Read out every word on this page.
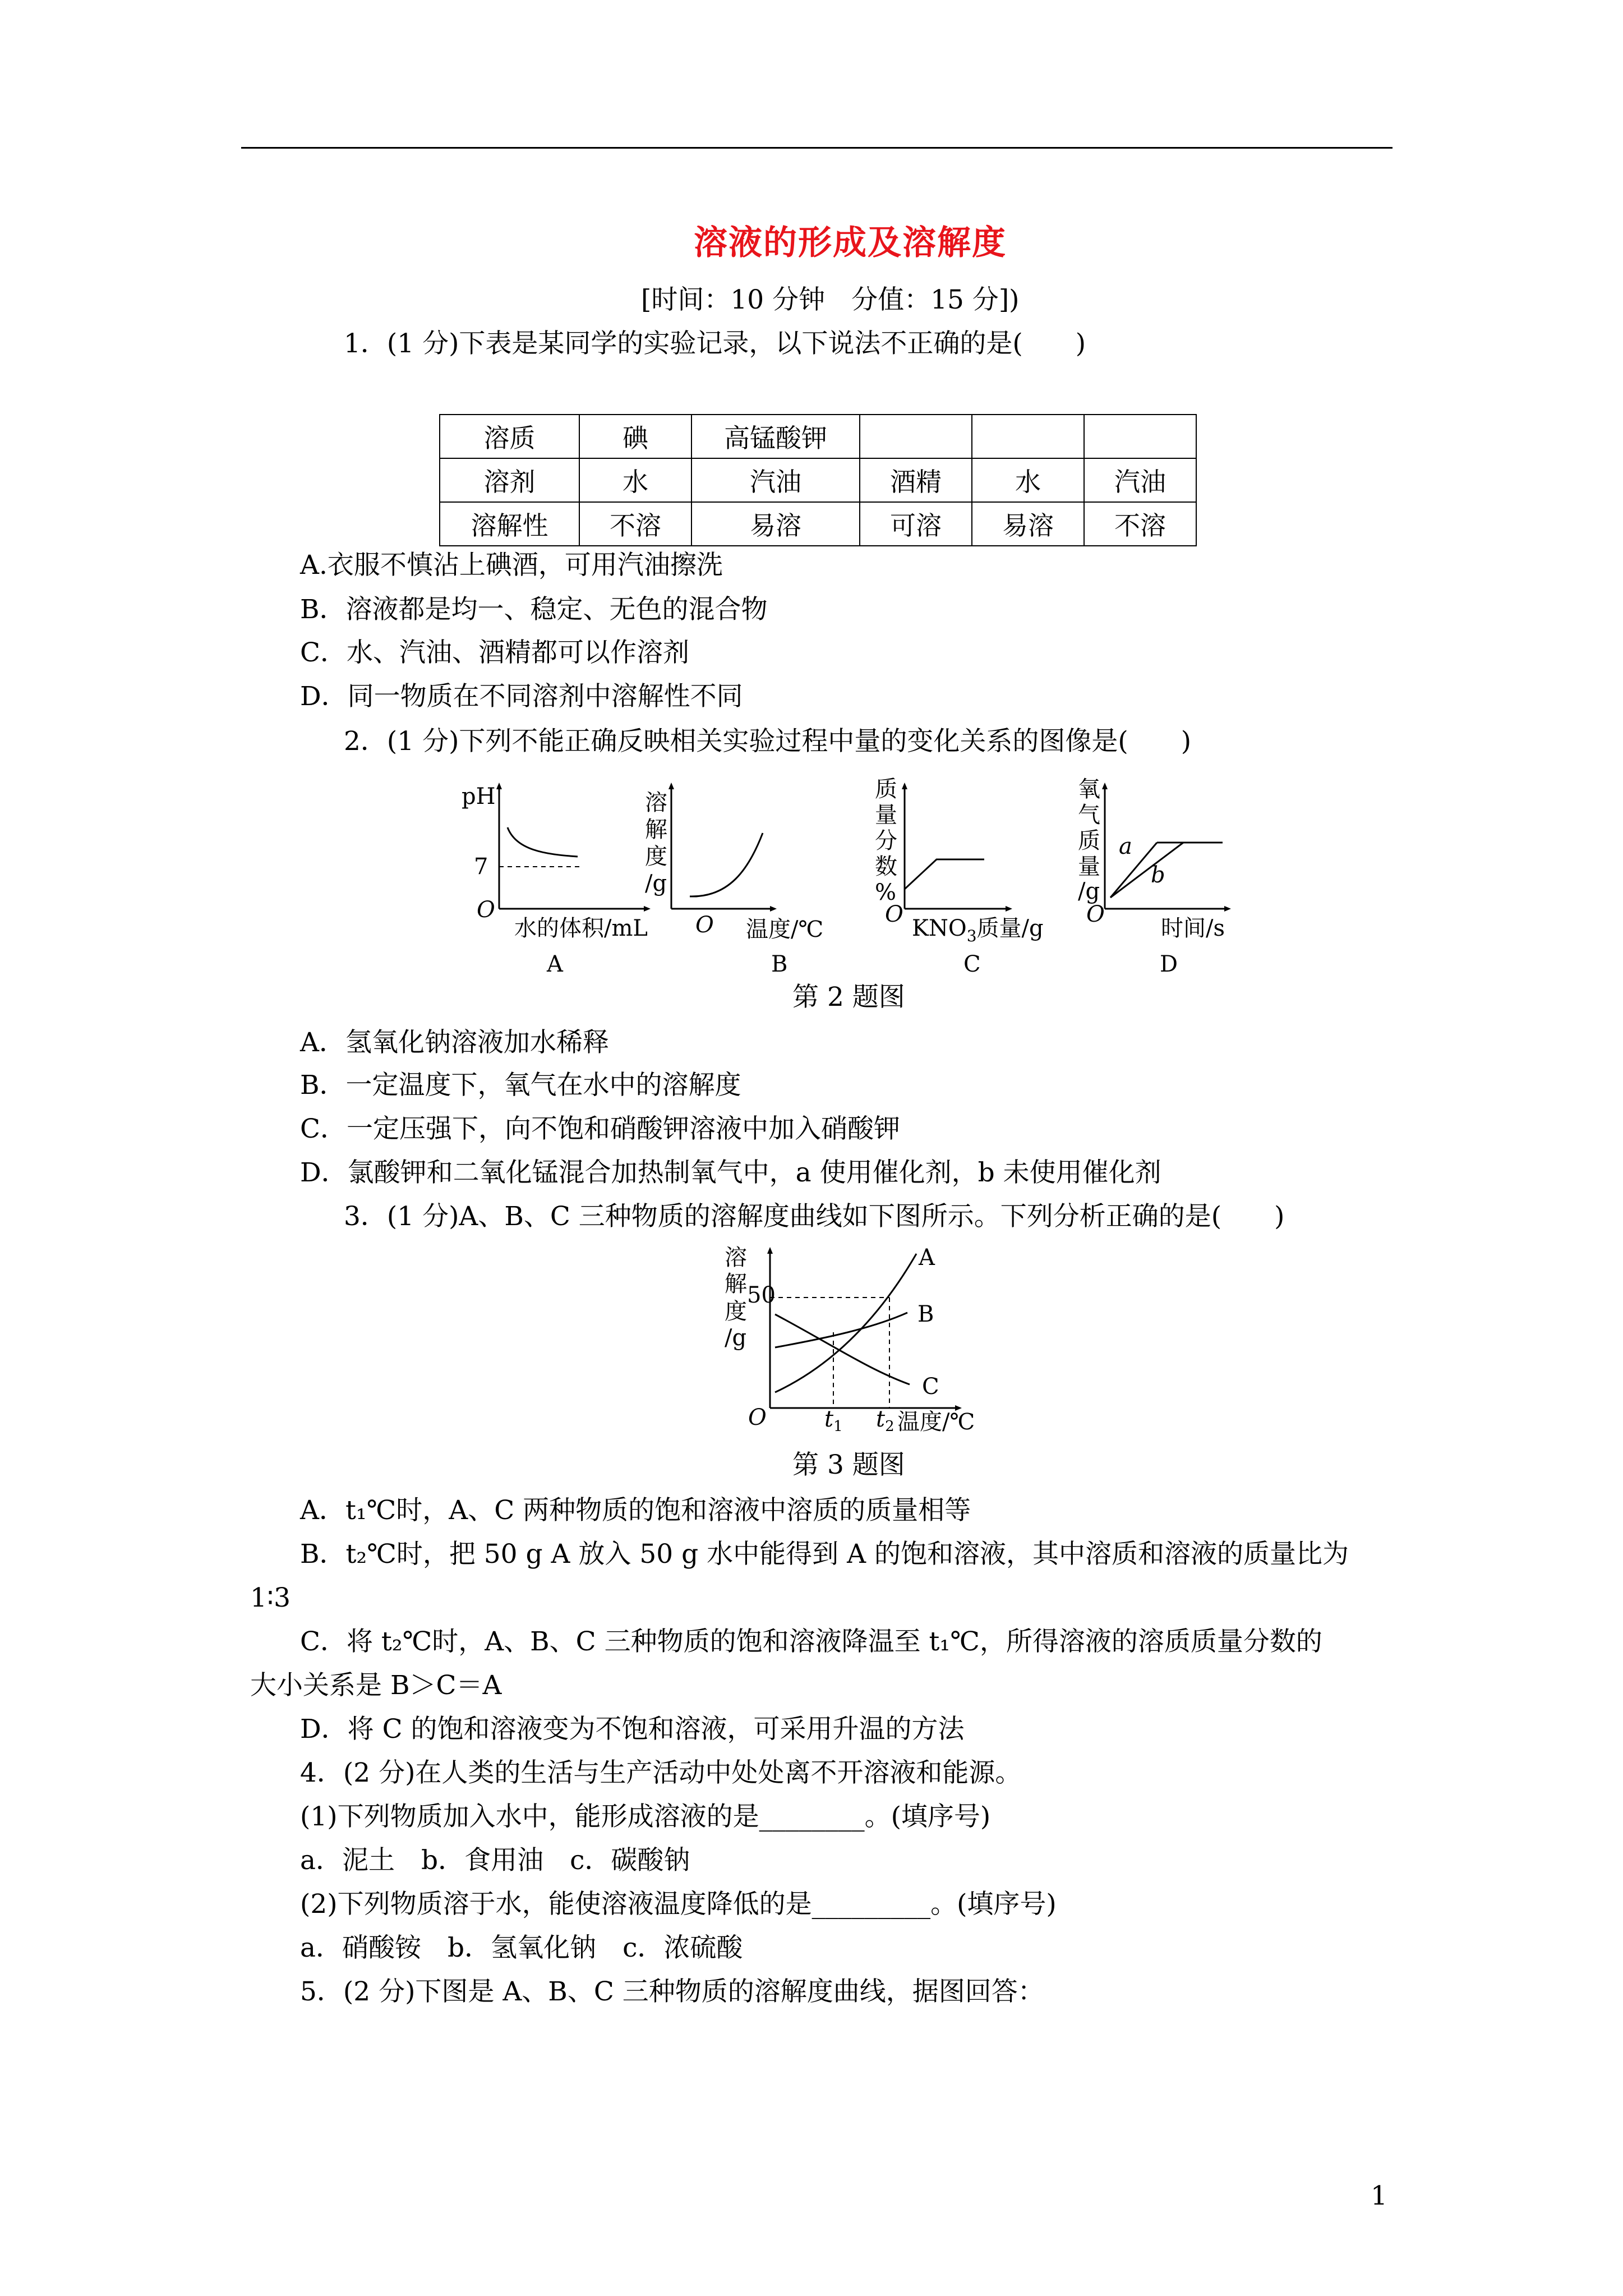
溶液的形成及溶解度
[时间：10 分钟　分值：15 分])
1．(1 分)下表是某同学的实验记录，以下说法不正确的是(　　)
溶质	碘	高锰酸钾			
溶剂	水	汽油	酒精	水	汽油
溶解性	不溶	易溶	可溶	易溶	不溶
A.衣服不慎沾上碘酒，可用汽油擦洗
B．溶液都是均一、稳定、无色的混合物
C．水、汽油、酒精都可以作溶剂
D．同一物质在不同溶剂中溶解性不同
2．(1 分)下列不能正确反映相关实验过程中量的变化关系的图像是(　　)
pH
7
O
水的体积/mL
A
溶
解
度
/g
O 温度/℃
B
质
量
分
数
%
O
$KNO_3$质量/g
C
氧
气
质
量
/g
a
b
O
时间/s
D
第 2 题图
A．氢氧化钠溶液加水稀释
B．一定温度下，氧气在水中的溶解度
C．一定压强下，向不饱和硝酸钾溶液中加入硝酸钾
D．氯酸钾和二氧化锰混合加热制氧气中，a 使用催化剂，b 未使用催化剂
3．(1 分)A、B、C 三种物质的溶解度曲线如下图所示。下列分析正确的是(　　)
溶
解
度
/g
50
O	$t_1$ $t_2$ 温度/℃
A
B
C
第 3 题图
A．t₁℃时，A、C 两种物质的饱和溶液中溶质的质量相等
B．t₂℃时，把 50 g A 放入 50 g 水中能得到 A 的饱和溶液，其中溶质和溶液的质量比为
1∶3
C．将 t₂℃时，A、B、C 三种物质的饱和溶液降温至 t₁℃，所得溶液的溶质质量分数的
大小关系是 B＞C＝A
D．将 C 的饱和溶液变为不饱和溶液，可采用升温的方法
4．(2 分)在人类的生活与生产活动中处处离不开溶液和能源。
(1)下列物质加入水中，能形成溶液的是________。(填序号)
a．泥土　b．食用油　c．碳酸钠
(2)下列物质溶于水，能使溶液温度降低的是_________。(填序号)
a．硝酸铵　b．氢氧化钠　c．浓硫酸
5．(2 分)下图是 A、B、C 三种物质的溶解度曲线，据图回答：
1
